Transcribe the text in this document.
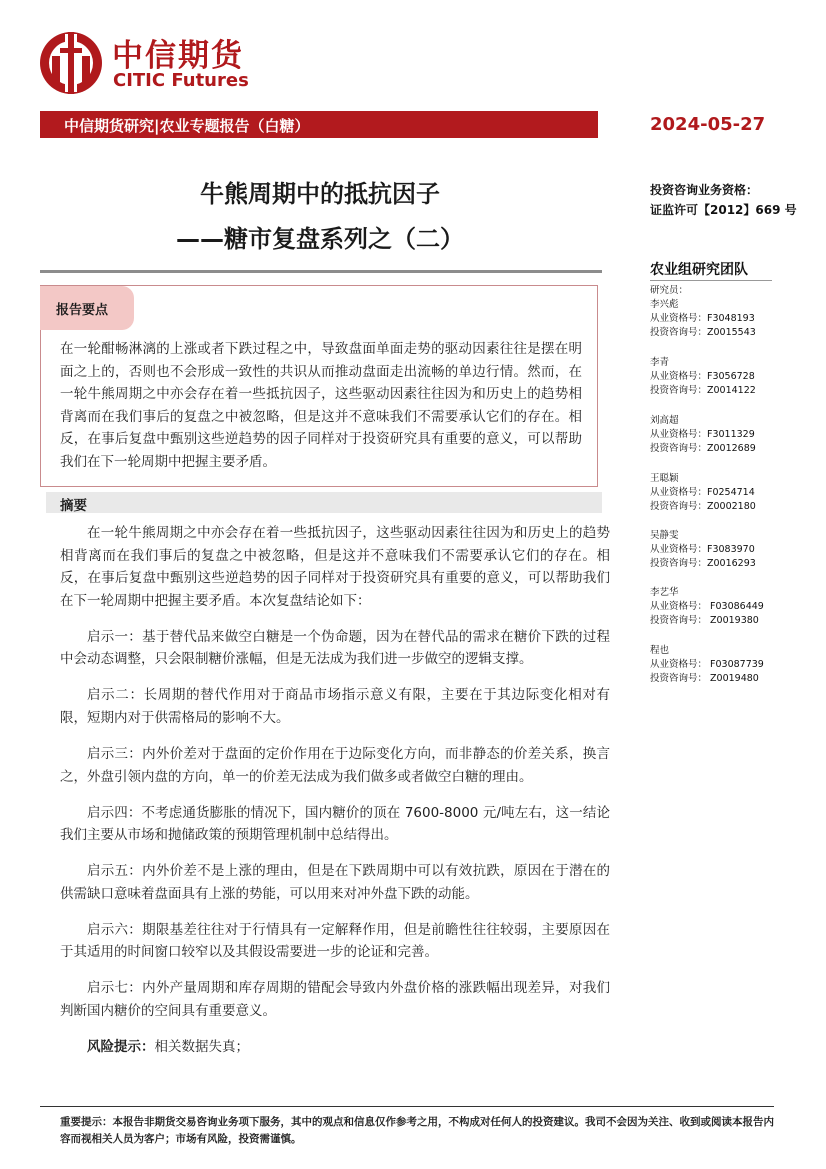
中信期货
CITIC Futures
中信期货研究|农业专题报告（白糖）	2024-05-27
牛熊周期中的抵抗因子
——糖市复盘系列之（二）
投资咨询业务资格：
证监许可【2012】669 号
农业组研究团队
研究员：
李兴彪
从业资格号：F3048193
投资咨询号：Z0015543
李青
从业资格号：F3056728
投资咨询号：Z0014122
刘高超
从业资格号：F3011329
投资咨询号：Z0012689
王聪颖
从业资格号：F0254714
投资咨询号：Z0002180
吴静雯
从业资格号：F3083970
投资咨询号：Z0016293
李艺华
从业资格号： F03086449
投资咨询号： Z0019380
程也
从业资格号： F03087739
投资咨询号： Z0019480
报告要点
在一轮酣畅淋漓的上涨或者下跌过程之中，导致盘面单面走势的驱动因素往往是摆在明面之上的，否则也不会形成一致性的共识从而推动盘面走出流畅的单边行情。然而，在一轮牛熊周期之中亦会存在着一些抵抗因子，这些驱动因素往往因为和历史上的趋势相背离而在我们事后的复盘之中被忽略，但是这并不意味我们不需要承认它们的存在。相反，在事后复盘中甄别这些逆趋势的因子同样对于投资研究具有重要的意义，可以帮助我们在下一轮周期中把握主要矛盾。
摘要

在一轮牛熊周期之中亦会存在着一些抵抗因子，这些驱动因素往往因为和历史上的趋势相背离而在我们事后的复盘之中被忽略，但是这并不意味我们不需要承认它们的存在。相反，在事后复盘中甄别这些逆趋势的因子同样对于投资研究具有重要的意义，可以帮助我们在下一轮周期中把握主要矛盾。本次复盘结论如下：

启示一：基于替代品来做空白糖是一个伪命题，因为在替代品的需求在糖价下跌的过程中会动态调整，只会限制糖价涨幅，但是无法成为我们进一步做空的逻辑支撑。

启示二：长周期的替代作用对于商品市场指示意义有限，主要在于其边际变化相对有限，短期内对于供需格局的影响不大。

启示三：内外价差对于盘面的定价作用在于边际变化方向，而非静态的价差关系，换言之，外盘引领内盘的方向，单一的价差无法成为我们做多或者做空白糖的理由。

启示四：不考虑通货膨胀的情况下，国内糖价的顶在 7600-8000 元/吨左右，这一结论我们主要从市场和抛储政策的预期管理机制中总结得出。

启示五：内外价差不是上涨的理由，但是在下跌周期中可以有效抗跌，原因在于潜在的供需缺口意味着盘面具有上涨的势能，可以用来对冲外盘下跌的动能。

启示六：期限基差往往对于行情具有一定解释作用，但是前瞻性往往较弱，主要原因在于其适用的时间窗口较窄以及其假设需要进一步的论证和完善。

启示七：内外产量周期和库存周期的错配会导致内外盘价格的涨跌幅出现差异，对我们判断国内糖价的空间具有重要意义。

风险提示：相关数据失真；

重要提示：本报告非期货交易咨询业务项下服务，其中的观点和信息仅作参考之用，不构成对任何人的投资建议。我司不会因为关注、收到或阅读本报告内容而视相关人员为客户；市场有风险，投资需谨慎。
